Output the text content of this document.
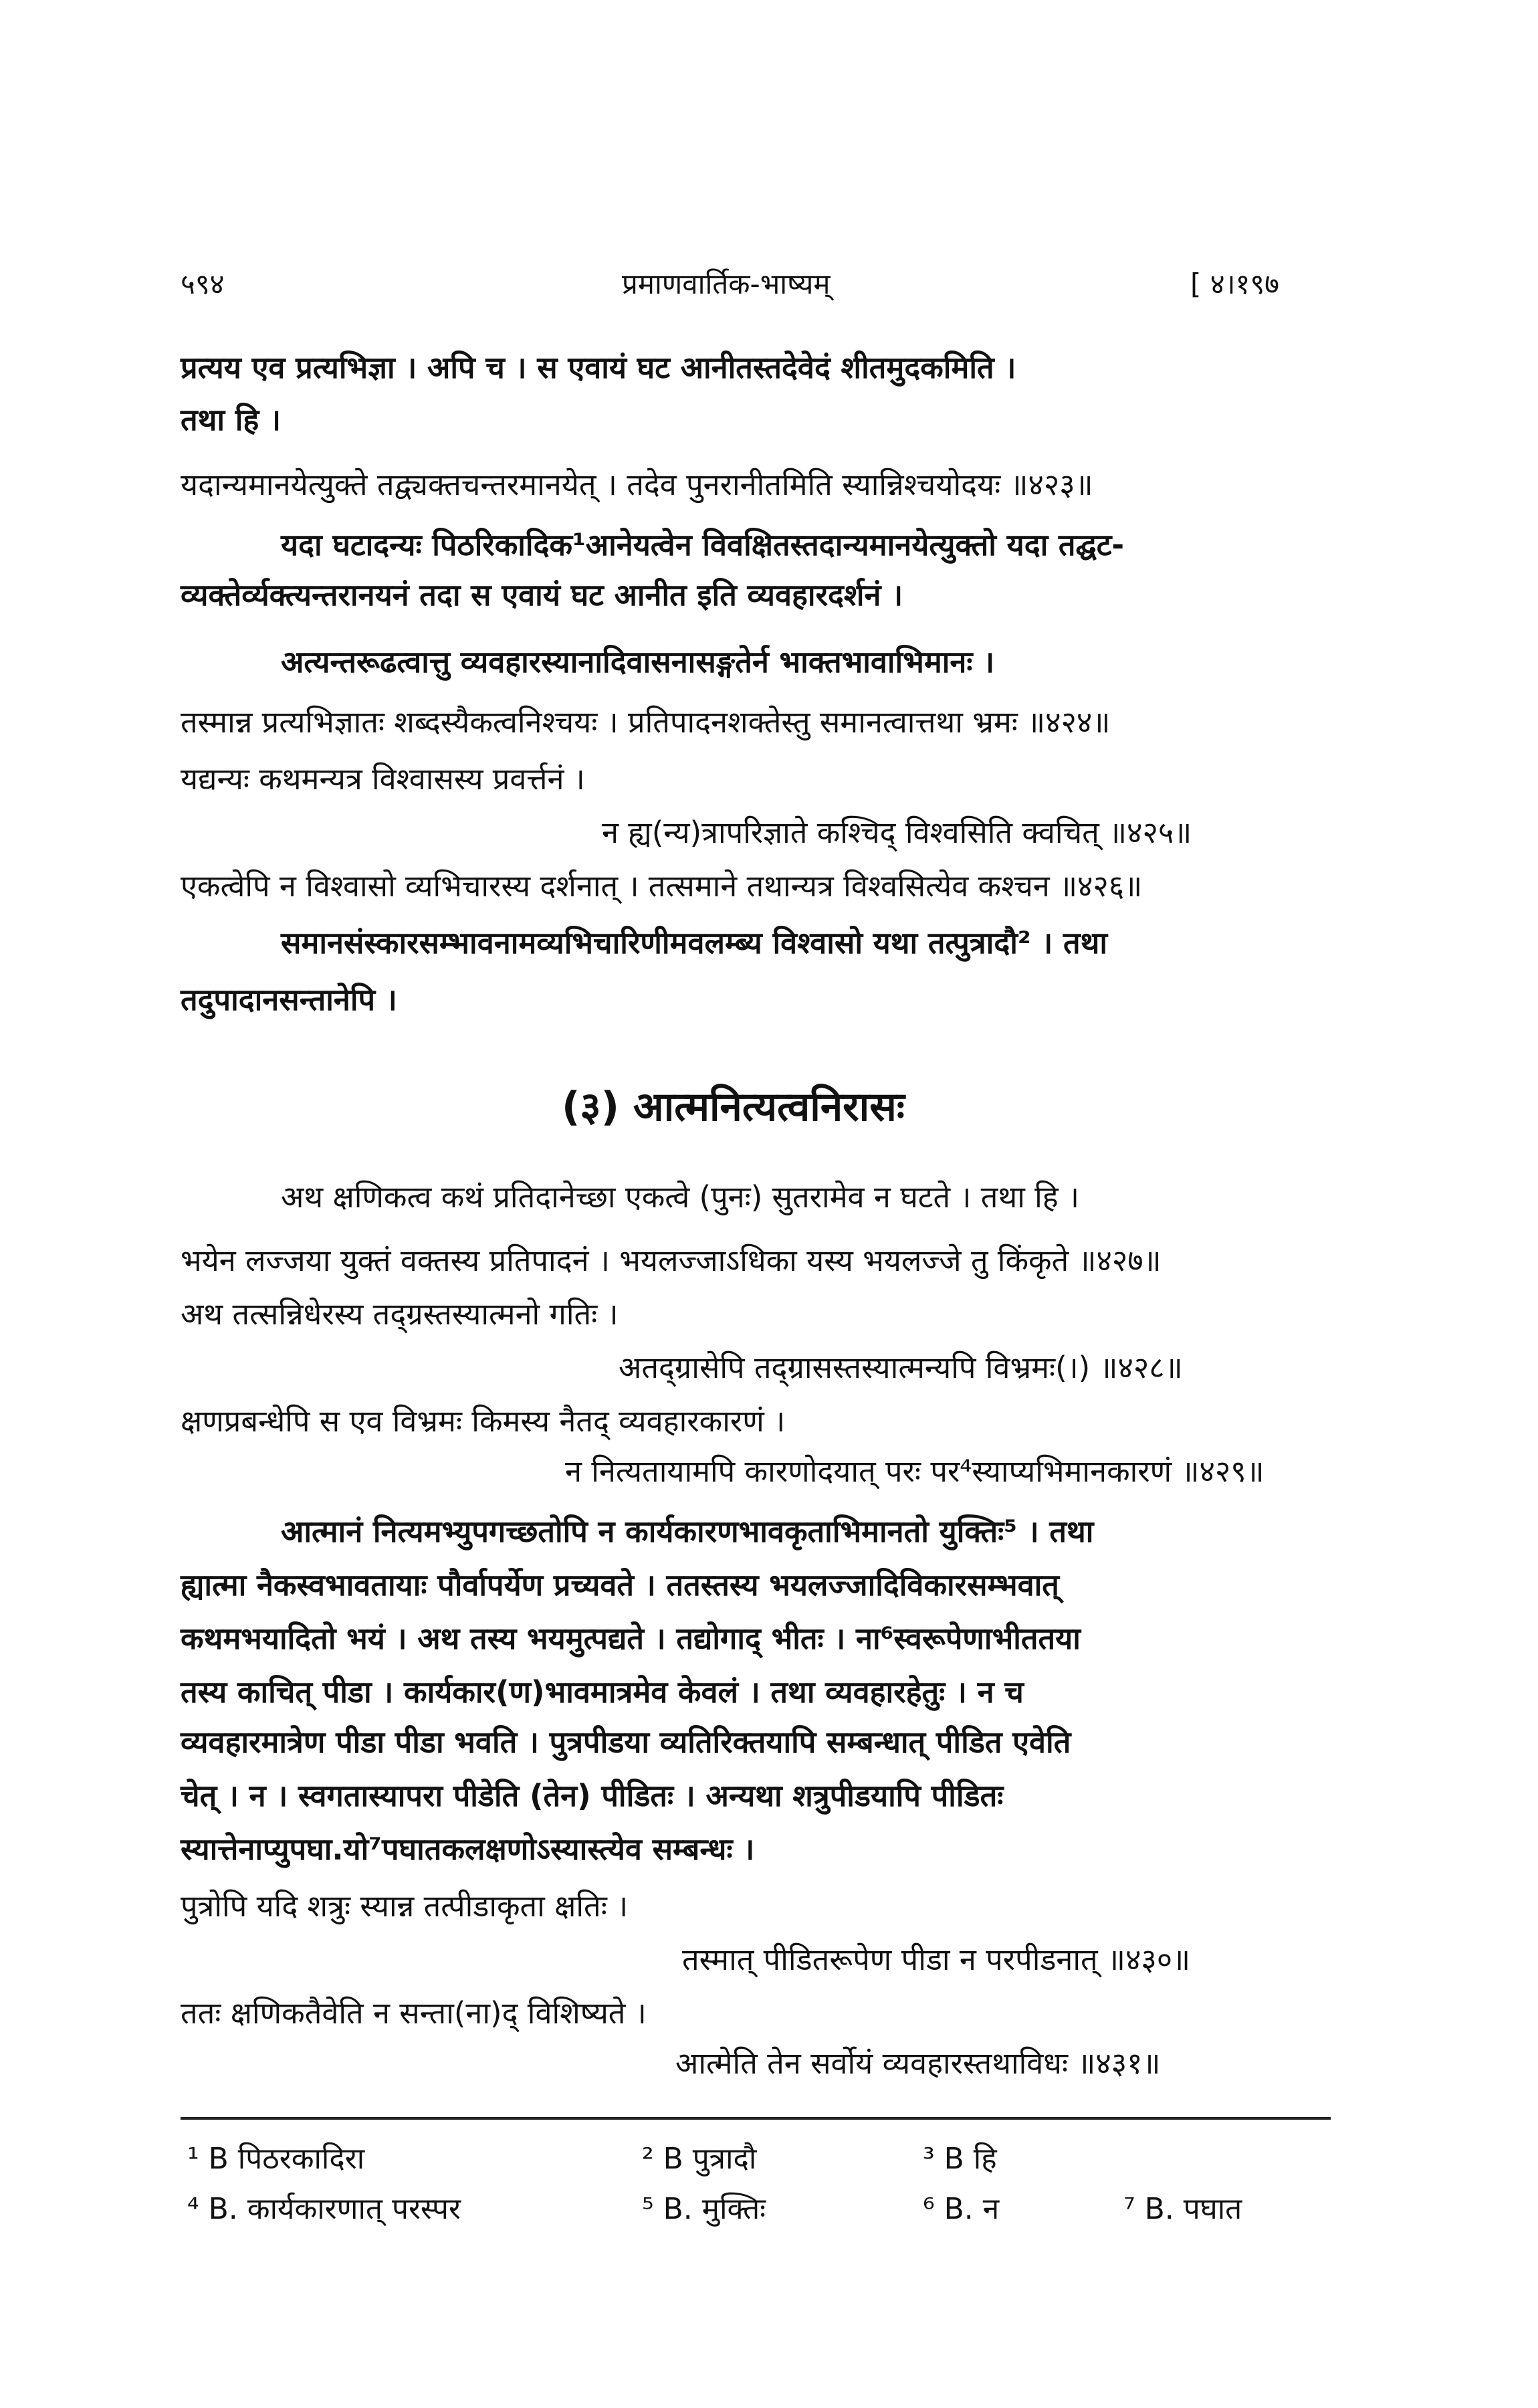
५९४	प्रमाणवार्तिक-भाष्यम्	[ ४।१९७
प्रत्यय एव प्रत्यभिज्ञा । अपि च । स एवायं घट आनीतस्तदेवेदं शीतमुदकमिति ।
तथा हि ।
यदान्यमानयेत्युक्ते तद्व्यक्तचन्तरमानयेत् । तदेव पुनरानीतमिति स्यान्निश्चयोदयः ॥४२३॥
यदा घटादन्यः पिठरिकादिक¹आनेयत्वेन विवक्षितस्तदान्यमानयेत्युक्तो यदा तद्घट-
व्यक्तेर्व्यक्त्यन्तरानयनं तदा स एवायं घट आनीत इति व्यवहारदर्शनं ।
अत्यन्तरूढत्वात्तु व्यवहारस्यानादिवासनासङ्गतेर्न भाक्तभावाभिमानः ।
तस्मान्न प्रत्यभिज्ञातः शब्दस्यैकत्वनिश्चयः । प्रतिपादनशक्तेस्तु समानत्वात्तथा भ्रमः ॥४२४॥
यद्यन्यः कथमन्यत्र विश्वासस्य प्रवर्त्तनं ।
न ह्य(न्य)त्रापरिज्ञाते कश्चिद् विश्वसिति क्वचित् ॥४२५॥
एकत्वेपि न विश्वासो व्यभिचारस्य दर्शनात् । तत्समाने तथान्यत्र विश्वसित्येव कश्चन ॥४२६॥
समानसंस्कारसम्भावनामव्यभिचारिणीमवलम्ब्य विश्वासो यथा तत्पुत्रादौ² । तथा
तदुपादानसन्तानेपि ।
(३) आत्मनित्यत्वनिरासः
अथ क्षणिकत्व कथं प्रतिदानेच्छा एकत्वे (पुनः) सुतरामेव न घटते । तथा हि ।
भयेन लज्जया युक्तं वक्तस्य प्रतिपादनं । भयलज्जाऽधिका यस्य भयलज्जे तु किंकृते ॥४२७॥
अथ तत्सन्निधेरस्य तद्ग्रस्तस्यात्मनो गतिः ।
अतद्ग्रासेपि तद्ग्रासस्तस्यात्मन्यपि विभ्रमः(।) ॥४२८॥
क्षणप्रबन्धेपि स एव विभ्रमः किमस्य नैतद् व्यवहारकारणं ।
न नित्यतायामपि कारणोदयात् परः पर⁴स्याप्यभिमानकारणं ॥४२९॥
आत्मानं नित्यमभ्युपगच्छतोपि न कार्यकारणभावकृताभिमानतो युक्तिः⁵ । तथा
ह्यात्मा नैकस्वभावतायाः पौर्वापर्येण प्रच्यवते । ततस्तस्य भयलज्जादिविकारसम्भवात्
कथमभयादितो भयं । अथ तस्य भयमुत्पद्यते । तद्योगाद् भीतः । ना⁶स्वरूपेणाभीततया
तस्य काचित् पीडा । कार्यकार(ण)भावमात्रमेव केवलं । तथा व्यवहारहेतुः । न च
व्यवहारमात्रेण पीडा पीडा भवति । पुत्रपीडया व्यतिरिक्तयापि सम्बन्धात् पीडित एवेति
चेत् । न । स्वगतास्यापरा पीडेति (तेन) पीडितः । अन्यथा शत्रुपीडयापि पीडितः
स्यात्तेनाप्युपघा.यो⁷पघातकलक्षणोऽस्यास्त्येव सम्बन्धः ।
पुत्रोपि यदि शत्रुः स्यान्न तत्पीडाकृता क्षतिः ।
तस्मात् पीडितरूपेण पीडा न परपीडनात् ॥४३०॥
ततः क्षणिकतैवेति न सन्ता(ना)द् विशिष्यते ।
आत्मेति तेन सर्वोयं व्यवहारस्तथाविधः ॥४३१॥
¹ B पिठरकादिरा	² B पुत्रादौ	³ B हि
⁴ B. कार्यकारणात् परस्पर	⁵ B. मुक्तिः	⁶ B. न	⁷ B. पघात
